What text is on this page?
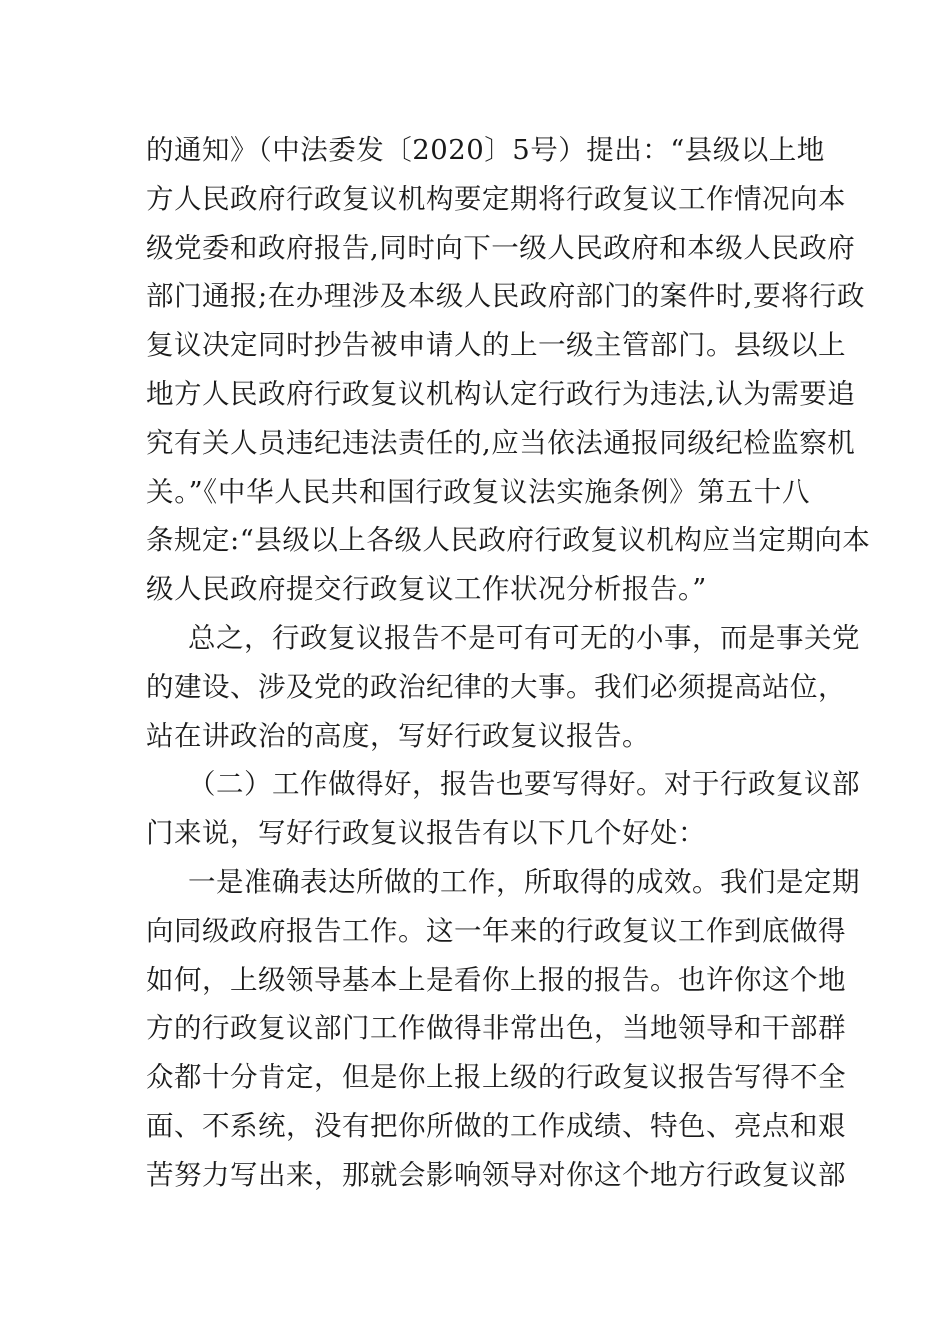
的通知》（中法委发〔2020〕5号）提出：“县级以上地
方人民政府行政复议机构要定期将行政复议工作情况向本
级党委和政府报告,同时向下一级人民政府和本级人民政府
部门通报;在办理涉及本级人民政府部门的案件时,要将行政
复议决定同时抄告被申请人的上一级主管部门。县级以上
地方人民政府行政复议机构认定行政行为违法,认为需要追
究有关人员违纪违法责任的,应当依法通报同级纪检监察机
关。”《中华人民共和国行政复议法实施条例》第五十八
条规定:“县级以上各级人民政府行政复议机构应当定期向本
级人民政府提交行政复议工作状况分析报告。”
总之，行政复议报告不是可有可无的小事，而是事关党
的建设、涉及党的政治纪律的大事。我们必须提高站位，
站在讲政治的高度，写好行政复议报告。
（二）工作做得好，报告也要写得好。对于行政复议部
门来说，写好行政复议报告有以下几个好处：
一是准确表达所做的工作，所取得的成效。我们是定期
向同级政府报告工作。这一年来的行政复议工作到底做得
如何，上级领导基本上是看你上报的报告。也许你这个地
方的行政复议部门工作做得非常出色，当地领导和干部群
众都十分肯定，但是你上报上级的行政复议报告写得不全
面、不系统，没有把你所做的工作成绩、特色、亮点和艰
苦努力写出来，那就会影响领导对你这个地方行政复议部
